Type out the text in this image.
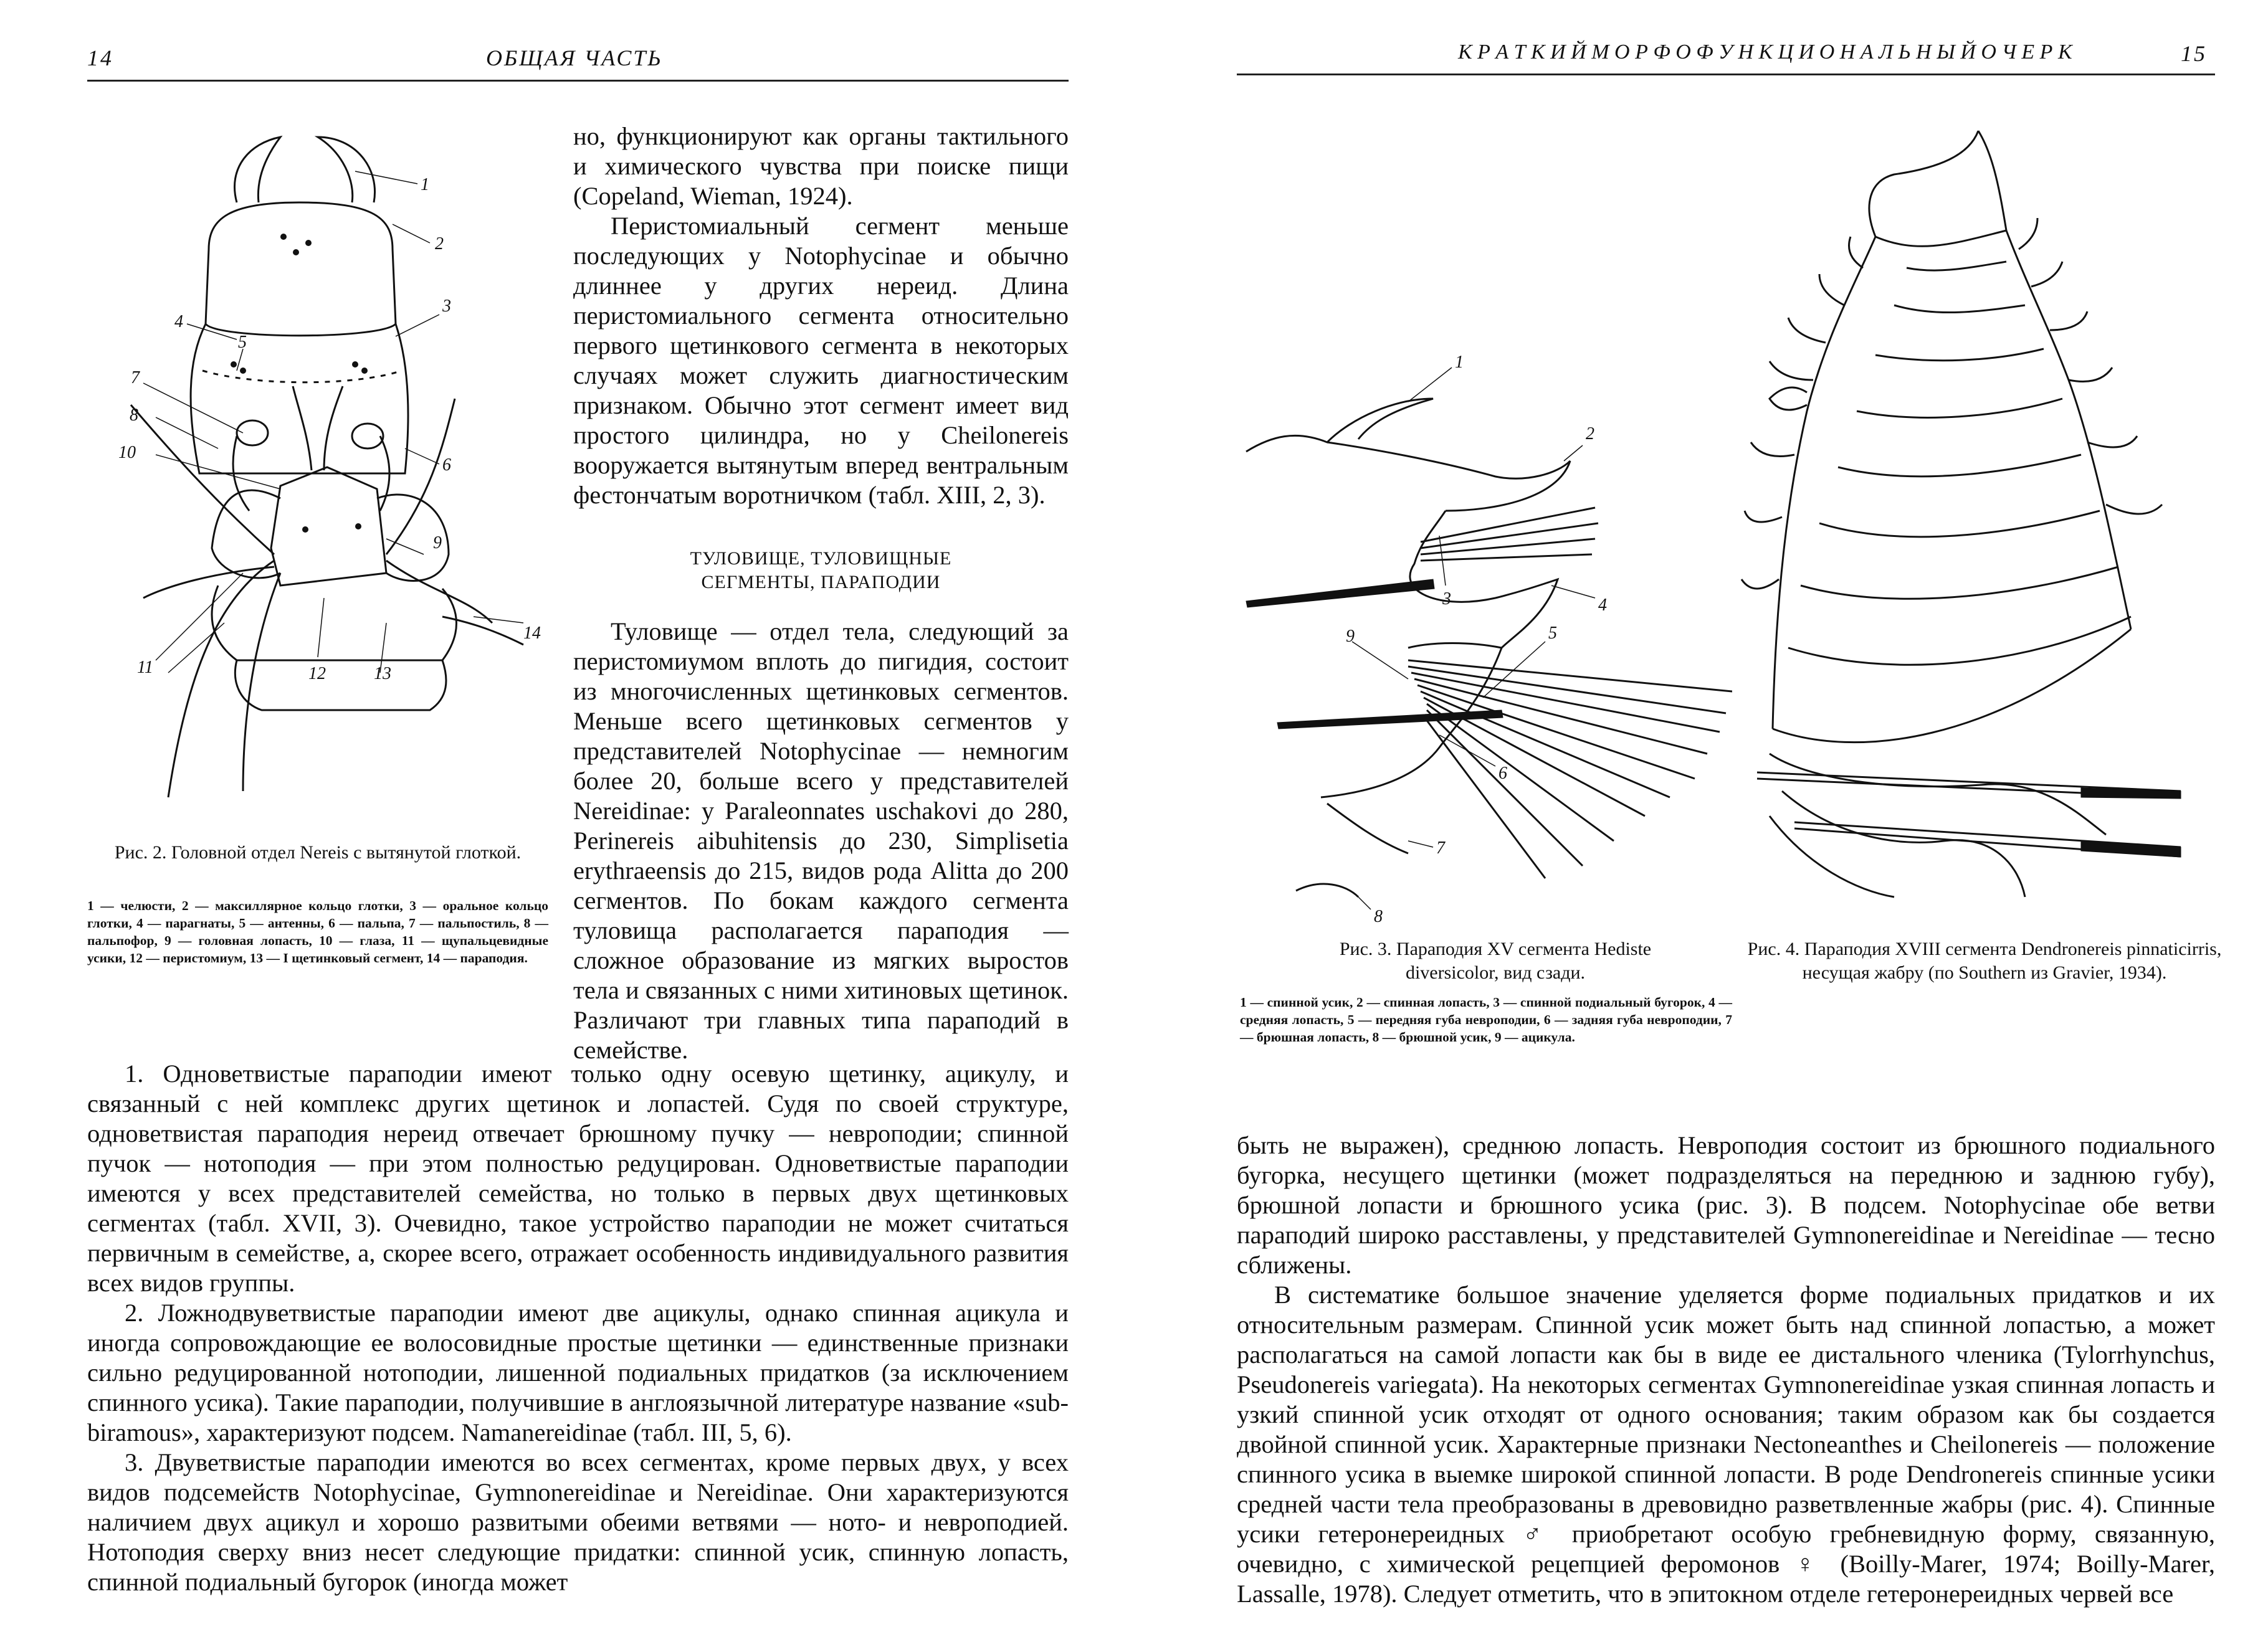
14	ОБЩАЯ ЧАСТЬ
1
2
3
4
5
6
7
8
9
10
11	12	13
14
Рис. 2. Головной отдел Nereis с вытянутой глоткой.
1 — челюсти, 2 — максиллярное кольцо глотки, 3 — оральное кольцо глотки, 4 — парагнаты, 5 — антенны, 6 — пальпа, 7 — пальпостиль, 8 — пальпофор, 9 — головная лопасть, 10 — глаза, 11 — щупальцевидные усики, 12 — перистомиум, 13 — I щетинковый сегмент, 14 — параподия.

но, функционируют как органы тактильного и химического чувства при поиске пищи (Copeland, Wieman, 1924).

Перистомиальный сегмент меньше последующих у Notophycinae и обычно длиннее у других нереид. Длина перистомиального сегмента относительно первого щетинкового сегмента в некоторых случаях может служить диагностическим признаком. Обычно этот сегмент имеет вид простого цилиндра, но у Cheilonereis вооружается вытянутым вперед вентральным фестончатым воротничком (табл. XIII, 2, 3).

ТУЛОВИЩЕ, ТУЛОВИЩНЫЕ
СЕГМЕНТЫ, ПАРАПОДИИ

Туловище — отдел тела, следующий за перистомиумом вплоть до пигидия, состоит из многочисленных щетинковых сегментов. Меньше всего щетинковых сегментов у представителей Notophycinae — немногим более 20, больше всего у представителей Nereidinae: у Paraleonnates uschakovi до 280, Perinereis aibuhitensis до 230, Simplisetia erythraeensis до 215, видов рода Alitta до 200 сегментов. По бокам каждого сегмента туловища располагается параподия — сложное образование из мягких выростов тела и связанных с ними хитиновых щетинок. Различают три главных типа параподий в семействе.

1. Одноветвистые параподии имеют только одну осевую щетинку, ацикулу, и связанный с ней комплекс других щетинок и лопастей. Судя по своей структуре, одноветвистая параподия нереид отвечает брюшному пучку — невроподии; спинной пучок — нотоподия — при этом полностью редуцирован. Одноветвистые параподии имеются у всех представителей семейства, но только в первых двух щетинковых сегментах (табл. XVII, 3). Очевидно, такое устройство параподии не может считаться первичным в семействе, а, скорее всего, отражает особенность индивидуального развития всех видов группы.

2. Ложнодвуветвистые параподии имеют две ацикулы, однако спинная ацикула и иногда сопровождающие ее волосовидные простые щетинки — единственные признаки сильно редуцированной нотоподии, лишенной подиальных придатков (за исключением спинного усика). Такие параподии, получившие в англоязычной литературе название «sub-biramous», характеризуют подсем. Namanereidinae (табл. III, 5, 6).

3. Двуветвистые параподии имеются во всех сегментах, кроме первых двух, у всех видов подсемейств Notophycinae, Gymnonereidinae и Nereidinae. Они характеризуются наличием двух ацикул и хорошо развитыми обеими ветвями — ното- и невроподией. Нотоподия сверху вниз несет следующие придатки: спинной усик, спинную лопасть, спинной подиальный бугорок (иногда может

К Р А Т К И Й М О Р Ф О Ф У Н К Ц И О Н А Л Ь Н Ы Й О Ч Е Р К	15
1
2
3	4
5
6
7
8
9
Рис. 3. Параподия XV сегмента Hediste
diversicolor, вид сзади.
1 — спинной усик, 2 — спинная лопасть, 3 — спинной подиальный бугорок, 4 — средняя лопасть, 5 — передняя губа невроподии, 6 — задняя губа невроподии, 7 — брюшная лопасть, 8 — брюшной усик, 9 — ацикула.
Рис. 4. Параподия XVIII сегмента Dendronereis pinnaticirris, несущая жабру (по Southern из Gravier, 1934).

быть не выражен), среднюю лопасть. Невроподия состоит из брюшного подиального бугорка, несущего щетинки (может подразделяться на переднюю и заднюю губу), брюшной лопасти и брюшного усика (рис. 3). В подсем. Notophycinae обе ветви параподий широко расставлены, у представителей Gymnonereidinae и Nereidinae — тесно сближены.

В систематике большое значение уделяется форме подиальных придатков и их относительным размерам. Спинной усик может быть над спинной лопастью, а может располагаться на самой лопасти как бы в виде ее дистального членика (Tylorrhynchus, Pseudonereis variegata). На некоторых сегментах Gymnonereidinae узкая спинная лопасть и узкий спинной усик отходят от одного основания; таким образом как бы создается двойной спинной усик. Характерные признаки Nectoneanthes и Cheilonereis — положение спинного усика в выемке широкой спинной лопасти. В роде Dendronereis спинные усики средней части тела преобразованы в древовидно разветвленные жабры (рис. 4). Спинные усики гетеронереидных ♂ приобретают особую гребневидную форму, связанную, очевидно, с химической рецепцией феромонов ♀ (Boilly-Marer, 1974; Boilly-Marer, Lassalle, 1978). Следует отметить, что в эпитокном отделе гетеронереидных червей все
